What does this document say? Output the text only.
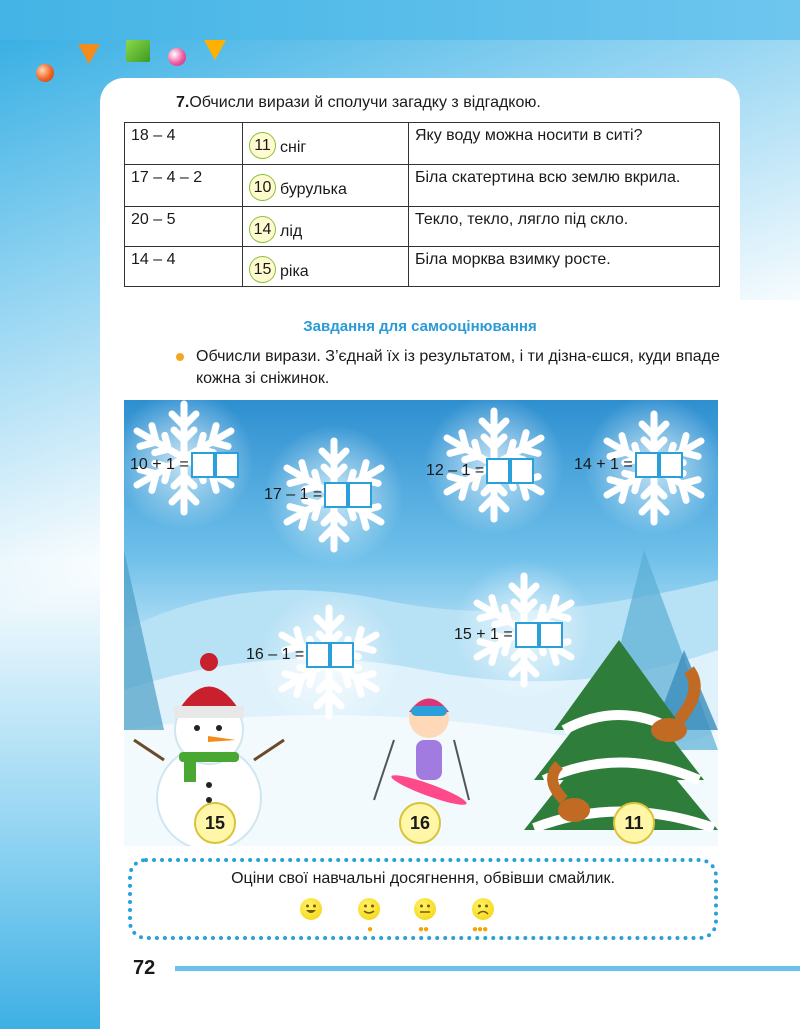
7.Обчисли вирази й сполучи загадку з відгадкою.
18 – 4	11 сніг	Яку воду можна носити в ситі?
17 – 4 – 2	10 бурулька	Біла скатертина всю землю вкрила.
20 – 5	14 лід	Текло, текло, лягло під скло.
14 – 4	15 ріка	Біла морква взимку росте.
Завдання для самооцінювання
Обчисли вирази. З’єднай їх із результатом, і ти дізна-єшся, куди впаде кожна зі сніжинок.
10 + 1 =
17 – 1 =
12 – 1 =	14 + 1 =
16 – 1 =
15 + 1 =
15	16	11
Оціни свої навчальні досягнення, обвівши смайлик.
●	●●	●●●
72
